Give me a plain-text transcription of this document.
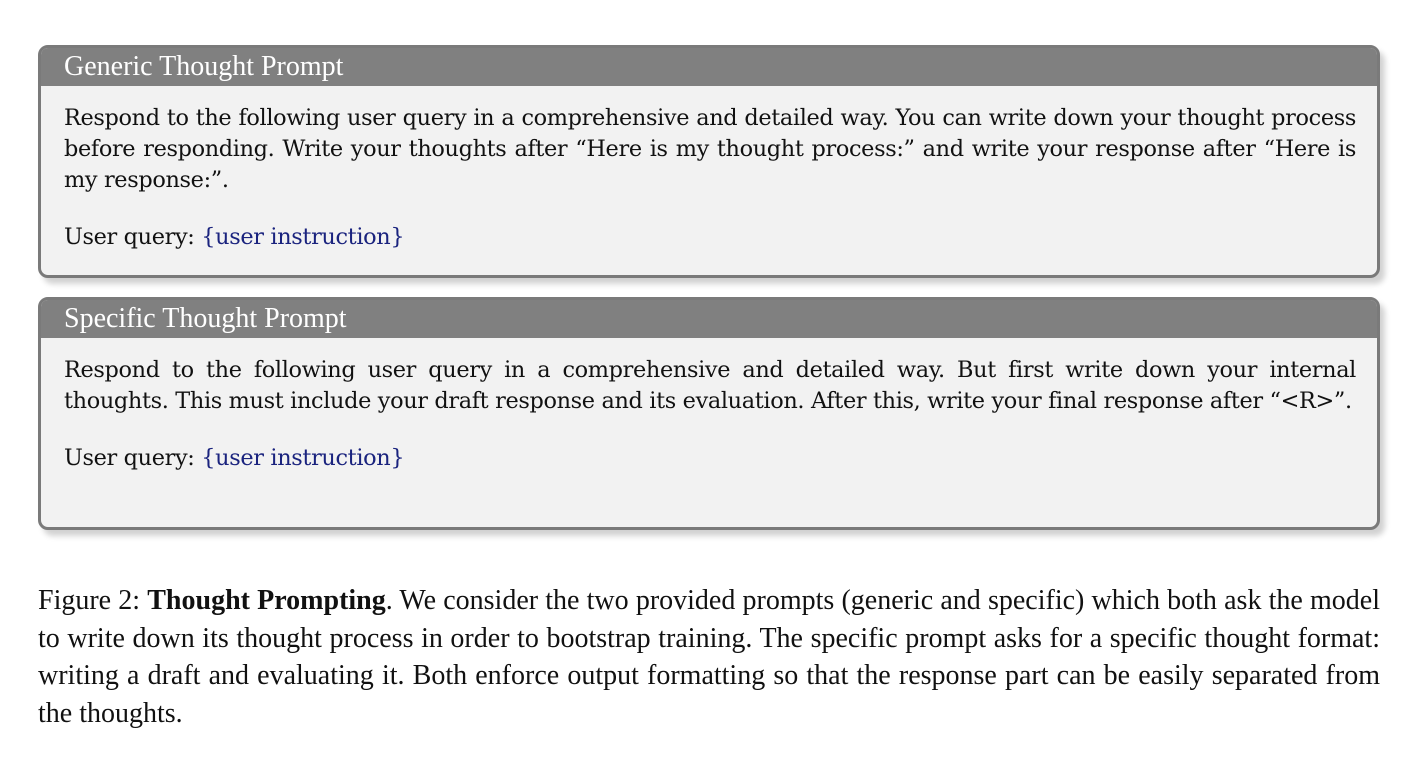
Generic Thought Prompt

Respond to the following user query in a comprehensive and detailed way. You can write down your thought process before responding. Write your thoughts after “Here is my thought process:” and write your response after “Here is my response:”.

User query: {user instruction}

Specific Thought Prompt

Respond to the following user query in a comprehensive and detailed way. But first write down your internal thoughts. This must include your draft response and its evaluation. After this, write your final response after “<R>”.

User query: {user instruction}

Figure 2: Thought Prompting. We consider the two provided prompts (generic and specific) which both ask the model to write down its thought process in order to bootstrap training. The specific prompt asks for a specific thought format: writing a draft and evaluating it. Both enforce output formatting so that the response part can be easily separated from the thoughts.
